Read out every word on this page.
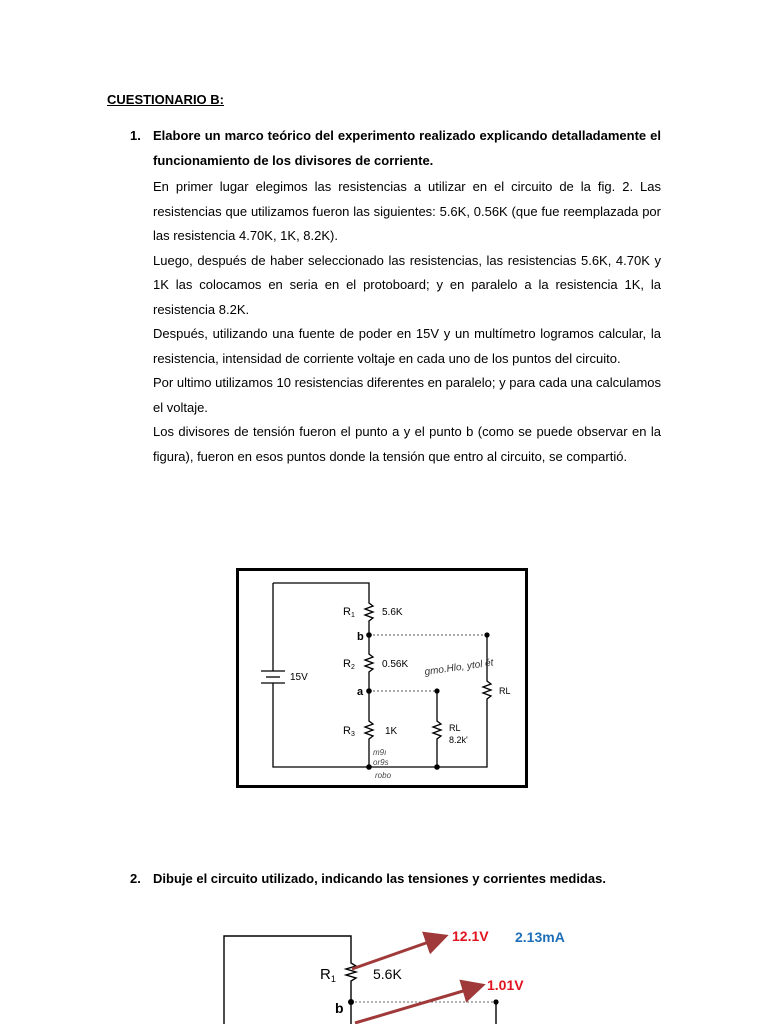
CUESTIONARIO B:
1. Elabore un marco teórico del experimento realizado explicando detalladamente el funcionamiento de los divisores de corriente.

En primer lugar elegimos las resistencias a utilizar en el circuito de la fig. 2. Las resistencias que utilizamos fueron las siguientes: 5.6K, 0.56K (que fue reemplazada por las resistencia 4.70K, 1K, 8.2K).

Luego, después de haber seleccionado las resistencias, las resistencias 5.6K, 4.70K y 1K las colocamos en seria en el protoboard; y en paralelo a la resistencia 1K, la resistencia 8.2K.

Después, utilizando una fuente de poder en 15V y un multímetro logramos calcular, la resistencia, intensidad de corriente voltaje en cada uno de los puntos del circuito.

Por ultimo utilizamos 10 resistencias diferentes en paralelo; y para cada una calculamos el voltaje.

Los divisores de tensión fueron el punto a y el punto b (como se puede observar en la figura), fueron en esos puntos donde la tensión que entro al circuito, se compartió.

15V
R1	5.6K
b
R2	0.56K
a
R3	1K	RL
8.2k'
RL
gmo.Hlo, ytol ét
m9ı
or9s
robo
2. Dibuje el circuito utilizado, indicando las tensiones y corrientes medidas.
$R_1$	5.6K
b
12.1V 2.13mA
1.01V
